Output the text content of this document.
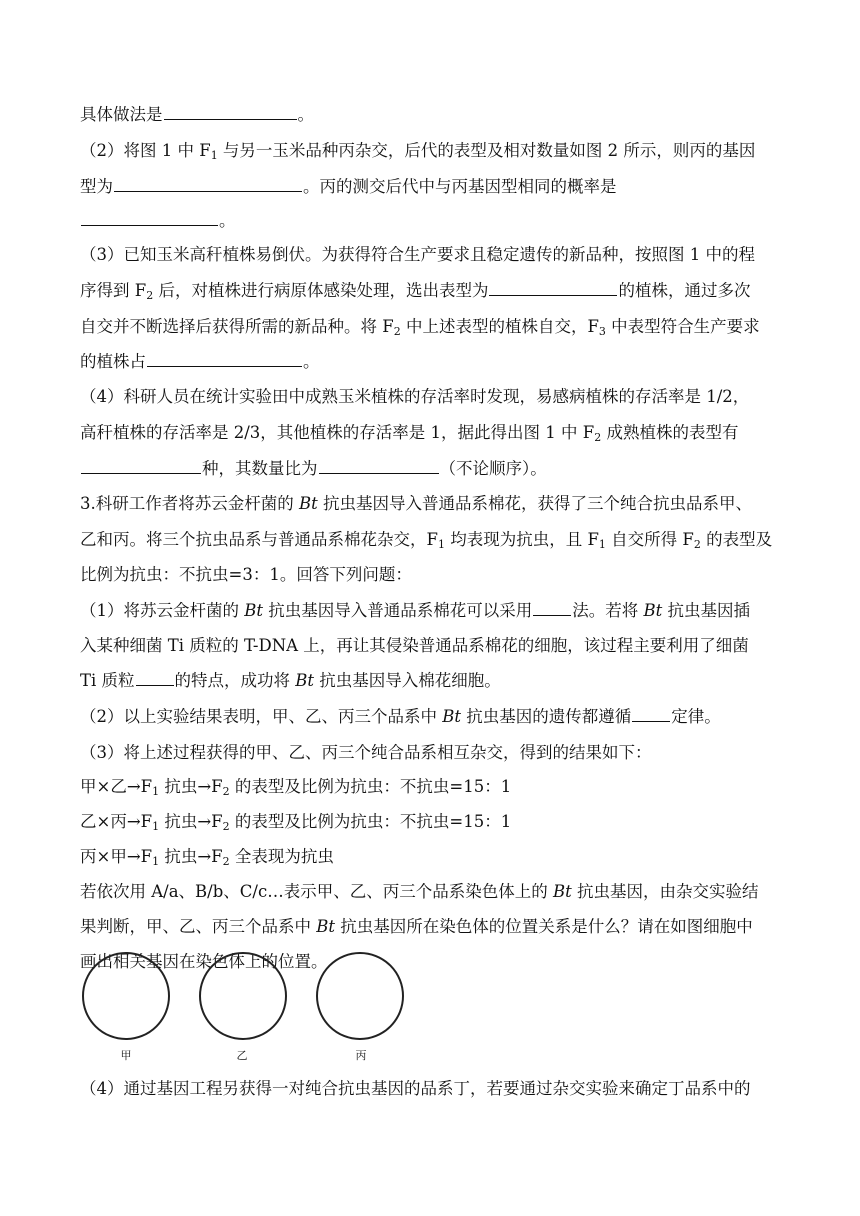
具体做法是	。
（2）将图 1 中 $F_1$ 与另一玉米品种丙杂交，后代的表型及相对数量如图 2 所示，则丙的基因
型为	。丙的测交后代中与丙基因型相同的概率是
。
（3）已知玉米高秆植株易倒伏。为获得符合生产要求且稳定遗传的新品种，按照图 1 中的程
序得到 $F_2$ 后，对植株进行病原体感染处理，选出表型为	的植株，通过多次
自交并不断选择后获得所需的新品种。将 $F_2$ 中上述表型的植株自交，$F_3$ 中表型符合生产要求
的植株占	。
（4）科研人员在统计实验田中成熟玉米植株的存活率时发现，易感病植株的存活率是 1/2，
高秆植株的存活率是 2/3，其他植株的存活率是 1，据此得出图 1 中 $F_2$ 成熟植株的表型有
种，其数量比为	（不论顺序）。
3.科研工作者将苏云金杆菌的 Bt 抗虫基因导入普通品系棉花，获得了三个纯合抗虫品系甲、
乙和丙。将三个抗虫品系与普通品系棉花杂交，$F_1$ 均表现为抗虫，且 $F_1$ 自交所得 $F_2$ 的表型及
比例为抗虫：不抗虫=3：1。回答下列问题：
（1）将苏云金杆菌的 Bt 抗虫基因导入普通品系棉花可以采用 法。若将 Bt 抗虫基因插
入某种细菌 Ti 质粒的 T-DNA 上，再让其侵染普通品系棉花的细胞，该过程主要利用了细菌
Ti 质粒 的特点，成功将 Bt 抗虫基因导入棉花细胞。
（2）以上实验结果表明，甲、乙、丙三个品系中 Bt 抗虫基因的遗传都遵循 定律。
（3）将上述过程获得的甲、乙、丙三个纯合品系相互杂交，得到的结果如下：
甲×乙$\to F_1$ 抗虫$\to F_2$ 的表型及比例为抗虫：不抗虫=15：1
乙×丙$\to F_1$ 抗虫$\to F_2$ 的表型及比例为抗虫：不抗虫=15：1
丙×甲$\to F_1$ 抗虫$\to F_2$ 全表现为抗虫
若依次用 A/a、B/b、C/c…表示甲、乙、丙三个品系染色体上的 Bt 抗虫基因，由杂交实验结
果判断，甲、乙、丙三个品系中 Bt 抗虫基因所在染色体的位置关系是什么？请在如图细胞中
画出相关基因在染色体上的位置。
甲	乙	丙
（4）通过基因工程另获得一对纯合抗虫基因的品系丁，若要通过杂交实验来确定丁品系中的
